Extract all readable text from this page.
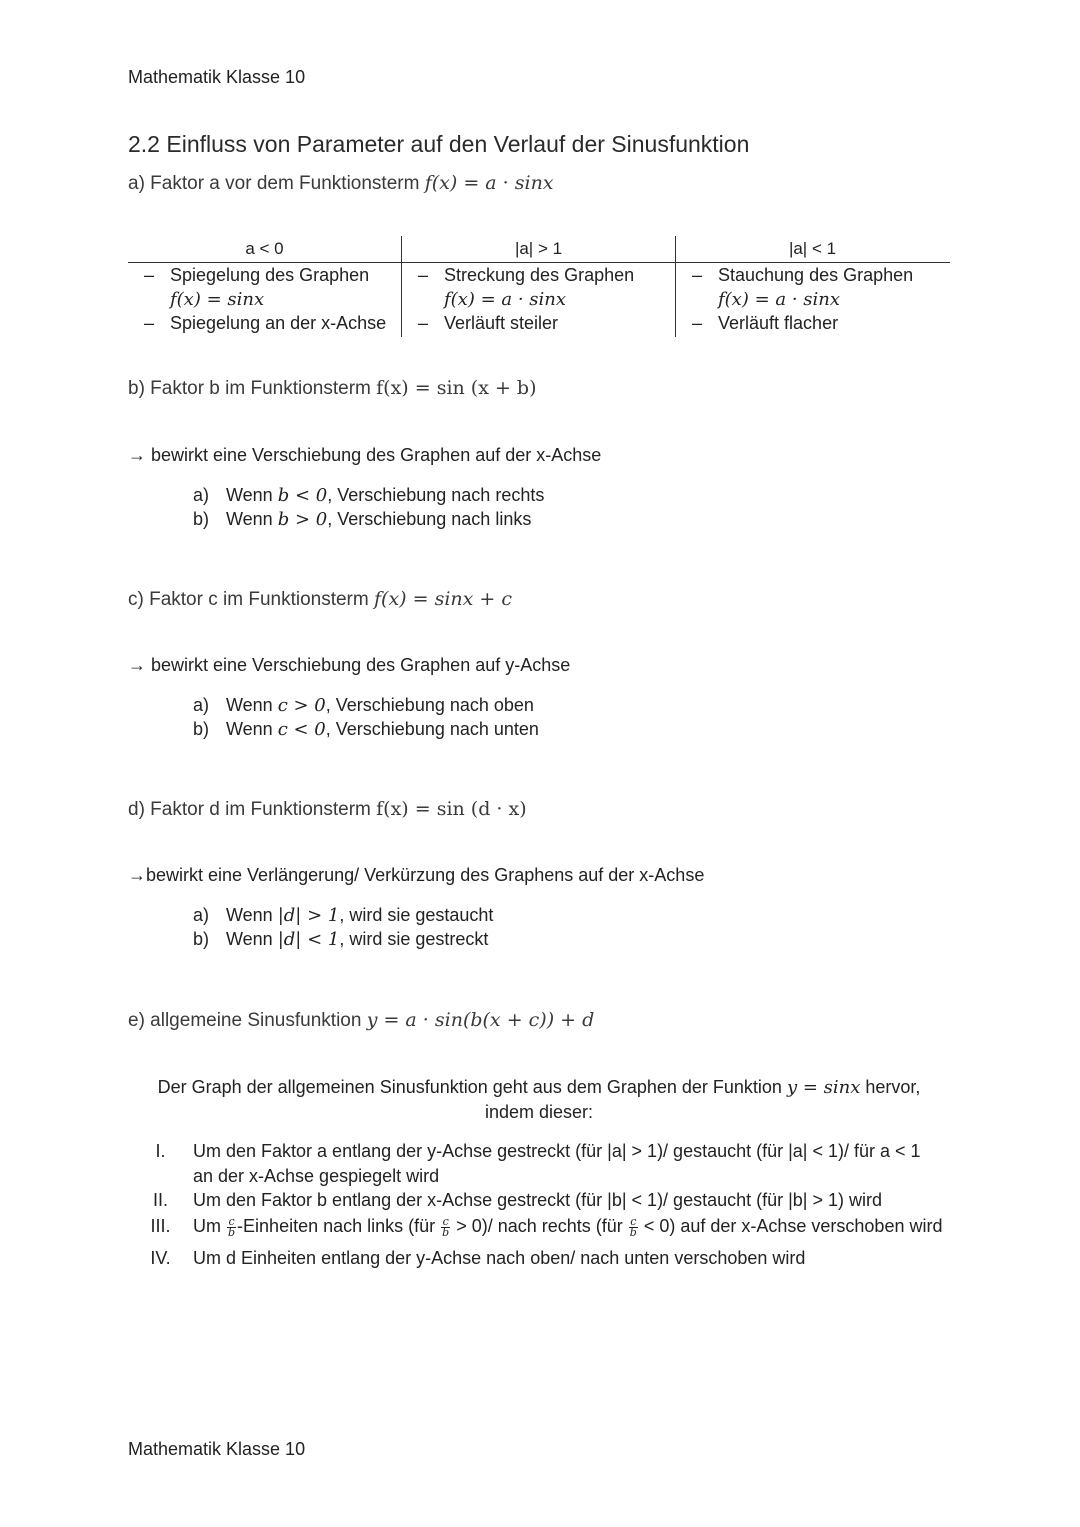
Mathematik Klasse 10
2.2 Einfluss von Parameter auf den Verlauf der Sinusfunktion
a) Faktor a vor dem Funktionsterm f(x) = a · sinx
a < 0
– Spiegelung des Graphen
f(x) = sinx
– Spiegelung an der x-Achse
|a| > 1
– Streckung des Graphen
f(x) = a · sinx
– Verläuft steiler
|a| < 1
– Stauchung des Graphen
f(x) = a · sinx
– Verläuft flacher
b) Faktor b im Funktionsterm f(x) = sin (x + b)
→ bewirkt eine Verschiebung des Graphen auf der x-Achse
a) Wenn b < 0, Verschiebung nach rechts
b) Wenn b > 0, Verschiebung nach links
c) Faktor c im Funktionsterm f(x) = sinx + c
→ bewirkt eine Verschiebung des Graphen auf y-Achse
a) Wenn c > 0, Verschiebung nach oben
b) Wenn c < 0, Verschiebung nach unten
d) Faktor d im Funktionsterm f(x) = sin (d · x)
→bewirkt eine Verlängerung/ Verkürzung des Graphens auf der x-Achse
a) Wenn |d| > 1, wird sie gestaucht
b) Wenn |d| < 1, wird sie gestreckt
e) allgemeine Sinusfunktion y = a · sin(b(x + c)) + d
Der Graph der allgemeinen Sinusfunktion geht aus dem Graphen der Funktion y = sinx hervor,
indem dieser:
I. Um den Faktor a entlang der y-Achse gestreckt (für |a| > 1)/ gestaucht (für |a| < 1)/ für a < 1
an der x-Achse gespiegelt wird
II. Um den Faktor b entlang der x-Achse gestreckt (für |b| < 1)/ gestaucht (für |b| > 1) wird
III. Um $\frac{c}{b}$ -Einheiten nach links (für $\frac{c}{b} > 0)/$ nach rechts (für $\frac{c}{b} < 0$) auf der x-Achse verschoben wird
IV. Um d Einheiten entlang der y-Achse nach oben/ nach unten verschoben wird
Mathematik Klasse 10
